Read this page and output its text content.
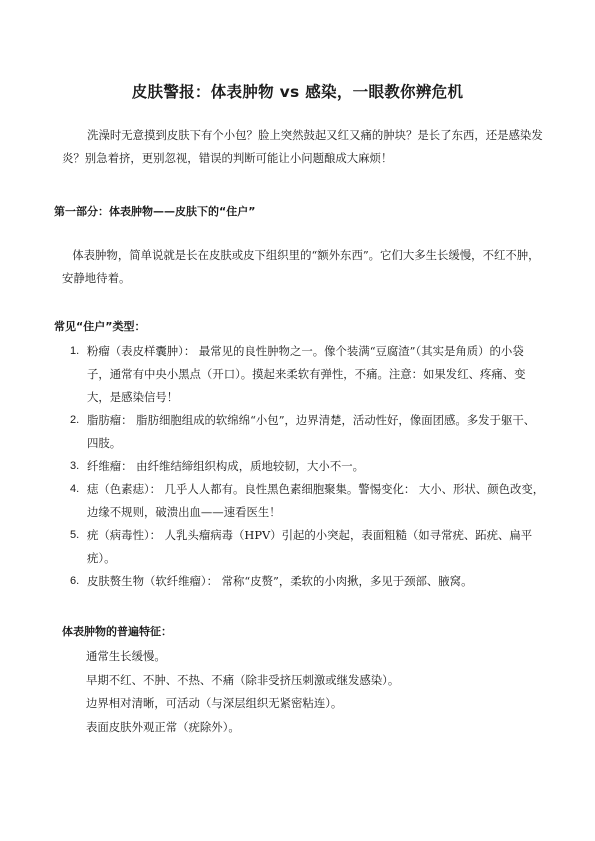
皮肤警报：体表肿物 vs 感染，一眼教你辨危机

洗澡时无意摸到皮肤下有个小包？脸上突然鼓起又红又痛的肿块？是长了东西，还是感染发炎？别急着挤，更别忽视，错误的判断可能让小问题酿成大麻烦！

第一部分：体表肿物——皮肤下的“住户”

体表肿物，简单说就是长在皮肤或皮下组织里的“额外东西”。它们大多生长缓慢，不红不肿，安静地待着。

常见“住户”类型：
1. 粉瘤（表皮样囊肿）： 最常见的良性肿物之一。像个装满“豆腐渣”（其实是角质）的小袋子，通常有中央小黑点（开口）。摸起来柔软有弹性，不痛。注意：如果发红、疼痛、变大，是感染信号！
2. 脂肪瘤： 脂肪细胞组成的软绵绵“小包”，边界清楚，活动性好，像面团感。多发于躯干、四肢。
3. 纤维瘤： 由纤维结缔组织构成，质地较韧，大小不一。
4. 痣（色素痣）： 几乎人人都有。良性黑色素细胞聚集。警惕变化： 大小、形状、颜色改变，边缘不规则，破溃出血——速看医生！
5. 疣（病毒性）： 人乳头瘤病毒（HPV）引起的小突起，表面粗糙（如寻常疣、跖疣、扁平疣）。
6. 皮肤赘生物（软纤维瘤）： 常称“皮赘”，柔软的小肉揪，多见于颈部、腋窝。
体表肿物的普遍特征：
通常生长缓慢。
早期不红、不肿、不热、不痛（除非受挤压刺激或继发感染）。
边界相对清晰，可活动（与深层组织无紧密粘连）。
表面皮肤外观正常（疣除外）。
